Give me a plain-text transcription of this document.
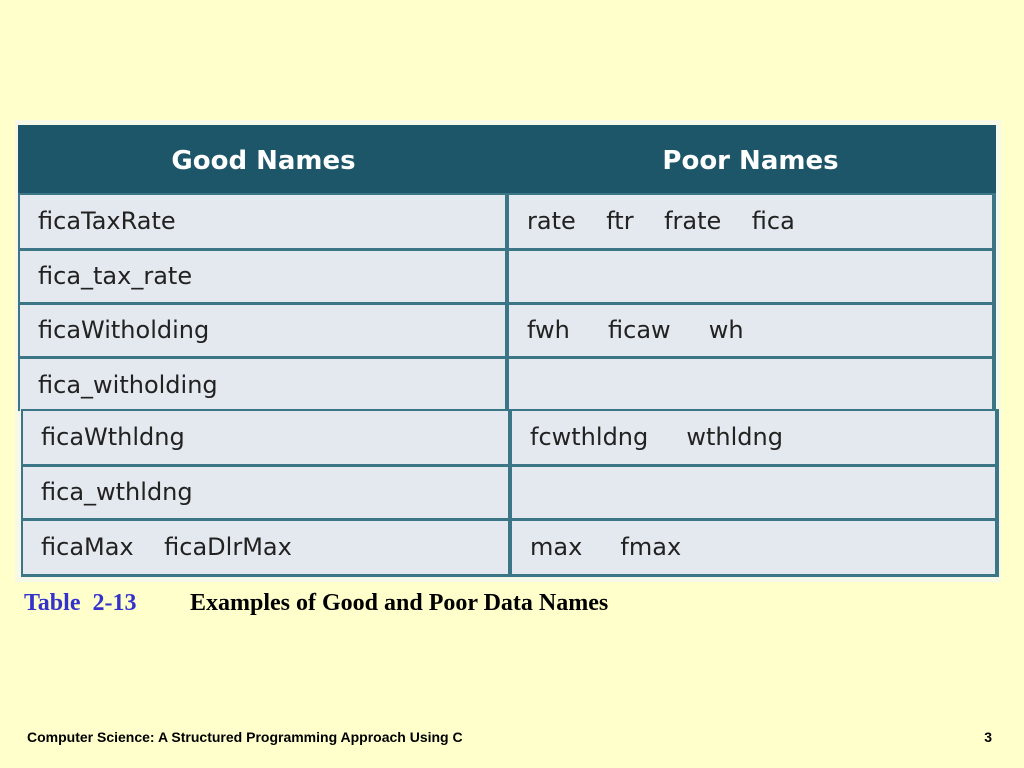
Good Names	Poor Names
ficaTaxRate	rate    ftr    frate    fica
fica_tax_rate
ficaWitholding	fwh     ficaw     wh
fica_witholding
ficaWthldng	fcwthldng     wthldng
fica_wthldng
ficaMax    ficaDlrMax	max     fmax

Table  2-13

Examples of Good and Poor Data Names

Computer Science: A Structured Programming Approach Using C	3
